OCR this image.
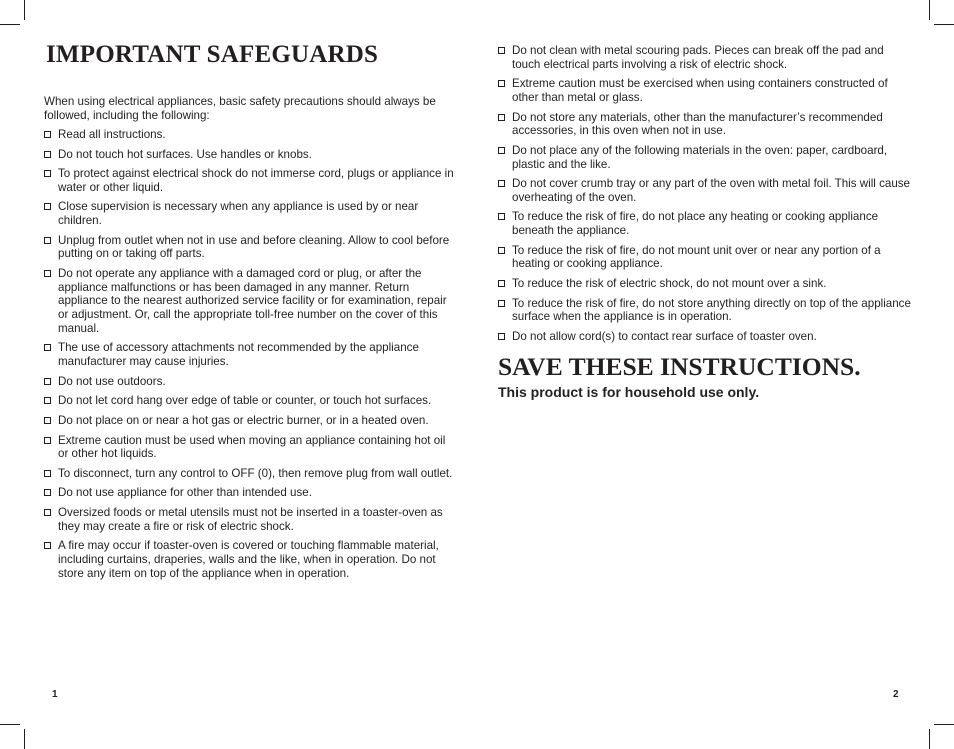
IMPORTANT SAFEGUARDS

When using electrical appliances, basic safety precautions should always be followed, including the following:

Read all instructions.
Do not touch hot surfaces. Use handles or knobs.
To protect against electrical shock do not immerse cord, plugs or appliance in water or other liquid.
Close supervision is necessary when any appliance is used by or near children.
Unplug from outlet when not in use and before cleaning. Allow to cool before putting on or taking off parts.
Do not operate any appliance with a damaged cord or plug, or after the appliance malfunctions or has been damaged in any manner. Return appliance to the nearest authorized service facility or for examination, repair or adjustment. Or, call the appropriate toll-free number on the cover of this manual.
The use of accessory attachments not recommended by the appliance manufacturer may cause injuries.
Do not use outdoors.
Do not let cord hang over edge of table or counter, or touch hot surfaces.
Do not place on or near a hot gas or electric burner, or in a heated oven.
Extreme caution must be used when moving an appliance containing hot oil or other hot liquids.
To disconnect, turn any control to OFF (0), then remove plug from wall outlet.
Do not use appliance for other than intended use.
Oversized foods or metal utensils must not be inserted in a toaster-oven as they may create a fire or risk of electric shock.
A fire may occur if toaster-oven is covered or touching flammable material, including curtains, draperies, walls and the like, when in operation. Do not store any item on top of the appliance when in operation.
Do not clean with metal scouring pads. Pieces can break off the pad and touch electrical parts involving a risk of electric shock.
Extreme caution must be exercised when using containers constructed of other than metal or glass.
Do not store any materials, other than the manufacturer’s recommended accessories, in this oven when not in use.
Do not place any of the following materials in the oven: paper, cardboard, plastic and the like.
Do not cover crumb tray or any part of the oven with metal foil. This will cause overheating of the oven.
To reduce the risk of fire, do not place any heating or cooking appliance beneath the appliance.
To reduce the risk of fire, do not mount unit over or near any portion of a heating or cooking appliance.
To reduce the risk of electric shock, do not mount over a sink.
To reduce the risk of fire, do not store anything directly on top of the appliance surface when the appliance is in operation.
Do not allow cord(s) to contact rear surface of toaster oven.
SAVE THESE INSTRUCTIONS.

This product is for household use only.

1	2
